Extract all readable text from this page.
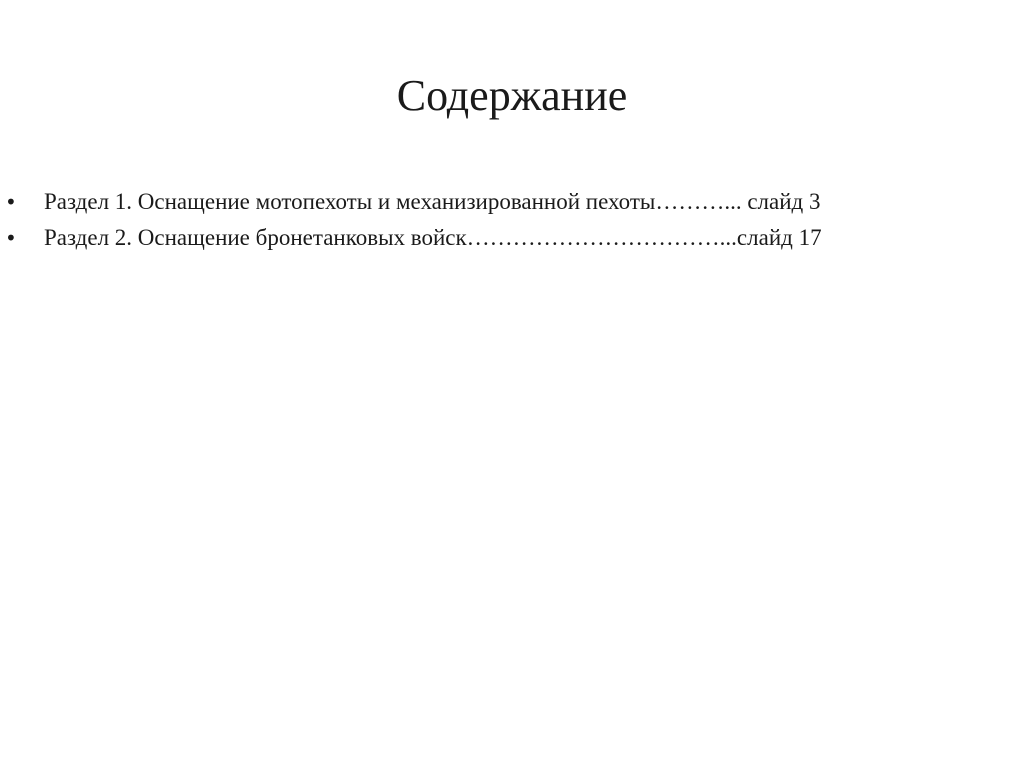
Содержание
•	Раздел 1. Оснащение мотопехоты и механизированной пехоты………... слайд 3
•	Раздел 2. Оснащение бронетанковых войск……………………………...слайд 17
